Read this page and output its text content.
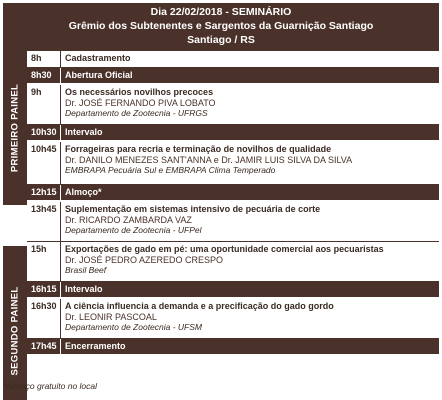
Dia 22/02/2018 - SEMINÁRIO
Grêmio dos Subtenentes e Sargentos da Guarnição Santiago
Santiago / RS
PRIMEIRO PAINEL
SEGUNDO PAINEL
8h	Cadastramento
8h30	Abertura Oficial
9h	Os necessários novilhos precoces
Dr. JOSÉ FERNANDO PIVA LOBATO
Departamento de Zootecnia - UFRGS
10h30 Intervalo
10h45 Forrageiras para recria e terminação de novilhos de qualidade
Dr. DANILO MENEZES SANT'ANNA e Dr. JAMIR LUIS SILVA DA SILVA
EMBRAPA Pecuária Sul e EMBRAPA Clima Temperado
12h15 Almoço*
13h45 Suplementação em sistemas intensivo de pecuária de corte
Dr. RICARDO ZAMBARDA VAZ
Departamento de Zootecnia - UFPel
15h	Exportações de gado em pé: uma oportunidade comercial aos pecuaristas
Dr. JOSÉ PEDRO AZEREDO CRESPO
Brasil Beef
16h15 Intervalo
16h30 A ciência influencia a demanda e a precificação do gado gordo
Dr. LEONIR PASCOAL
Departamento de Zootecnia - UFSM
17h45 Encerramento
*Almoço gratuito no local
